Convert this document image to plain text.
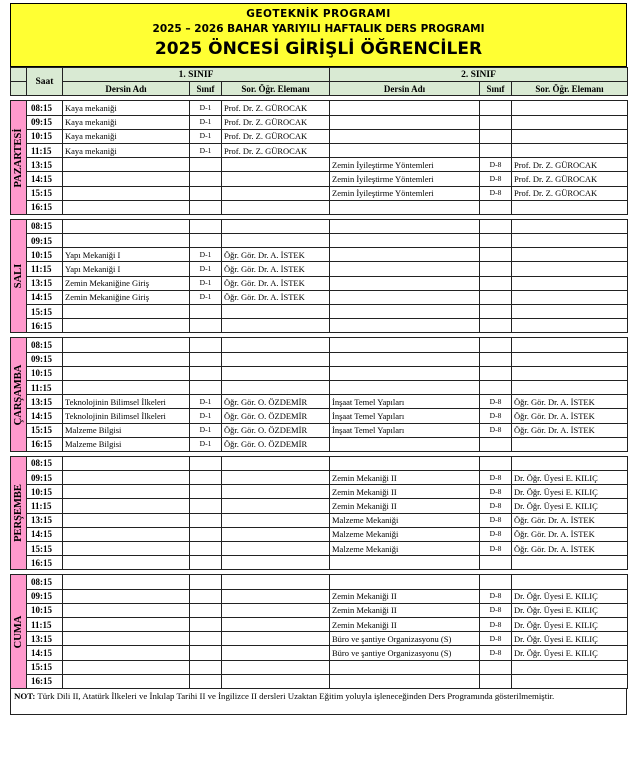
GEOTEKNİK PROGRAMI
2025 – 2026 BAHAR YARIYILI HAFTALIK DERS PROGRAMI
2025 ÖNCESİ GİRİŞLİ ÖĞRENCİLER
	Saat	1. SINIF			2. SINIF		
		Dersin Adı	Sınıf	Sor. Öğr. Elemanı	Dersin Adı	Sınıf	Sor. Öğr. Elemanı

PAZARTESİ	08:15	Kaya mekaniği	D-1	Prof. Dr. Z. GÜROCAK			
	09:15	Kaya mekaniği	D-1	Prof. Dr. Z. GÜROCAK			
	10:15	Kaya mekaniği	D-1	Prof. Dr. Z. GÜROCAK			
	11:15	Kaya mekaniği	D-1	Prof. Dr. Z. GÜROCAK			
	13:15				Zemin İyileştirme Yöntemleri	D-8	Prof. Dr. Z. GÜROCAK
	14:15				Zemin İyileştirme Yöntemleri	D-8	Prof. Dr. Z. GÜROCAK
	15:15				Zemin İyileştirme Yöntemleri	D-8	Prof. Dr. Z. GÜROCAK
	16:15						

SALI	08:15						
	09:15						
	10:15	Yapı Mekaniği I	D-1	Öğr. Gör. Dr. A. İSTEK			
	11:15	Yapı Mekaniği I	D-1	Öğr. Gör. Dr. A. İSTEK			
	13:15	Zemin Mekaniğine Giriş	D-1	Öğr. Gör. Dr. A. İSTEK			
	14:15	Zemin Mekaniğine Giriş	D-1	Öğr. Gör. Dr. A. İSTEK			
	15:15						
	16:15						

ÇARŞAMBA	08:15						
	09:15						
	10:15						
	11:15						
	13:15	Teknolojinin Bilimsel İlkeleri	D-1	Öğr. Gör. O. ÖZDEMİR	İnşaat Temel Yapıları	D-8	Öğr. Gör. Dr. A. İSTEK
	14:15	Teknolojinin Bilimsel İlkeleri	D-1	Öğr. Gör. O. ÖZDEMİR	İnşaat Temel Yapıları	D-8	Öğr. Gör. Dr. A. İSTEK
	15:15	Malzeme Bilgisi	D-1	Öğr. Gör. O. ÖZDEMİR	İnşaat Temel Yapıları	D-8	Öğr. Gör. Dr. A. İSTEK
	16:15	Malzeme Bilgisi	D-1	Öğr. Gör. O. ÖZDEMİR			

PERŞEMBE	08:15						
	09:15				Zemin Mekaniği II	D-8	Dr. Öğr. Üyesi E. KILIÇ
	10:15				Zemin Mekaniği II	D-8	Dr. Öğr. Üyesi E. KILIÇ
	11:15				Zemin Mekaniği II	D-8	Dr. Öğr. Üyesi E. KILIÇ
	13:15				Malzeme Mekaniği	D-8	Öğr. Gör. Dr. A. İSTEK
	14:15				Malzeme Mekaniği	D-8	Öğr. Gör. Dr. A. İSTEK
	15:15				Malzeme Mekaniği	D-8	Öğr. Gör. Dr. A. İSTEK
	16:15						

CUMA	08:15						
	09:15				Zemin Mekaniği II	D-8	Dr. Öğr. Üyesi E. KILIÇ
	10:15				Zemin Mekaniği II	D-8	Dr. Öğr. Üyesi E. KILIÇ
	11:15				Zemin Mekaniği II	D-8	Dr. Öğr. Üyesi E. KILIÇ
	13:15				Büro ve şantiye Organizasyonu (S)	D-8	Dr. Öğr. Üyesi E. KILIÇ
	14:15				Büro ve şantiye Organizasyonu (S)	D-8	Dr. Öğr. Üyesi E. KILIÇ
	15:15						
	16:15						
NOT: Türk Dili II, Atatürk İlkeleri ve İnkılap Tarihi II ve İngilizce II dersleri Uzaktan Eğitim yoluyla işleneceğinden Ders Programında gösterilmemiştir.
